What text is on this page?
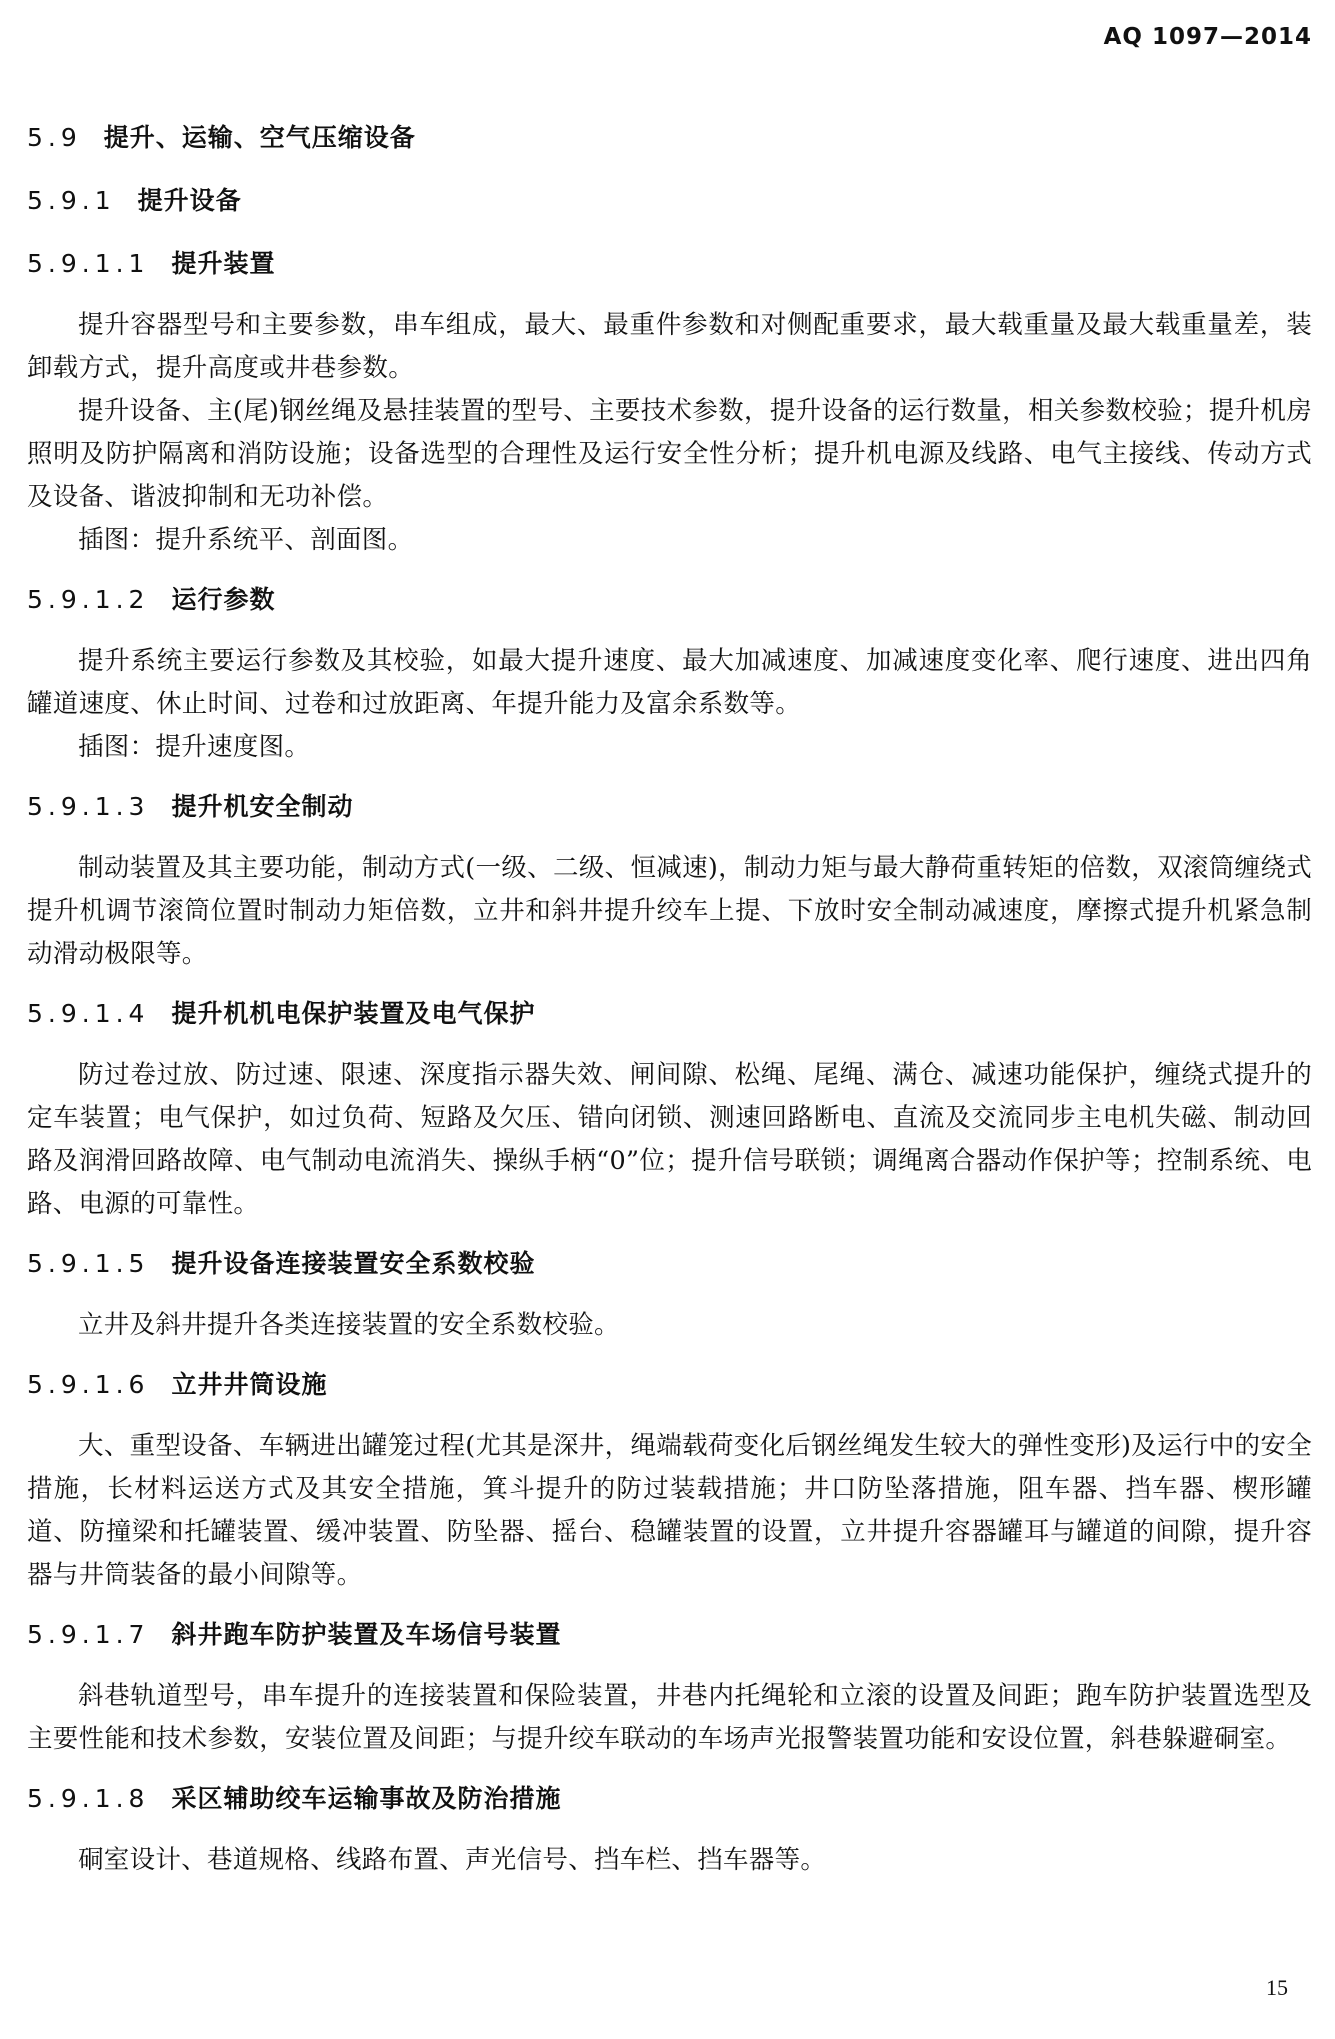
AQ 1097—2014
5.9 提升、运输、空气压缩设备
5.9.1 提升设备
5.9.1.1 提升装置

提升容器型号和主要参数，串车组成，最大、最重件参数和对侧配重要求，最大载重量及最大载重量差，装卸载方式，提升高度或井巷参数。

提升设备、主(尾)钢丝绳及悬挂装置的型号、主要技术参数，提升设备的运行数量，相关参数校验；提升机房照明及防护隔离和消防设施；设备选型的合理性及运行安全性分析；提升机电源及线路、电气主接线、传动方式及设备、谐波抑制和无功补偿。

插图：提升系统平、剖面图。

5.9.1.2 运行参数

提升系统主要运行参数及其校验，如最大提升速度、最大加减速度、加减速度变化率、爬行速度、进出四角罐道速度、休止时间、过卷和过放距离、年提升能力及富余系数等。

插图：提升速度图。

5.9.1.3 提升机安全制动

制动装置及其主要功能，制动方式(一级、二级、恒减速)，制动力矩与最大静荷重转矩的倍数，双滚筒缠绕式提升机调节滚筒位置时制动力矩倍数，立井和斜井提升绞车上提、下放时安全制动减速度，摩擦式提升机紧急制动滑动极限等。

5.9.1.4 提升机机电保护装置及电气保护

防过卷过放、防过速、限速、深度指示器失效、闸间隙、松绳、尾绳、满仓、减速功能保护，缠绕式提升的定车装置；电气保护，如过负荷、短路及欠压、错向闭锁、测速回路断电、直流及交流同步主电机失磁、制动回路及润滑回路故障、电气制动电流消失、操纵手柄“0”位；提升信号联锁；调绳离合器动作保护等；控制系统、电路、电源的可靠性。

5.9.1.5 提升设备连接装置安全系数校验

立井及斜井提升各类连接装置的安全系数校验。

5.9.1.6 立井井筒设施

大、重型设备、车辆进出罐笼过程(尤其是深井，绳端载荷变化后钢丝绳发生较大的弹性变形)及运行中的安全措施，长材料运送方式及其安全措施，箕斗提升的防过装载措施；井口防坠落措施，阻车器、挡车器、楔形罐道、防撞梁和托罐装置、缓冲装置、防坠器、摇台、稳罐装置的设置，立井提升容器罐耳与罐道的间隙，提升容器与井筒装备的最小间隙等。

5.9.1.7 斜井跑车防护装置及车场信号装置

斜巷轨道型号，串车提升的连接装置和保险装置，井巷内托绳轮和立滚的设置及间距；跑车防护装置选型及主要性能和技术参数，安装位置及间距；与提升绞车联动的车场声光报警装置功能和安设位置，斜巷躲避硐室。

5.9.1.8 采区辅助绞车运输事故及防治措施

硐室设计、巷道规格、线路布置、声光信号、挡车栏、挡车器等。

15
